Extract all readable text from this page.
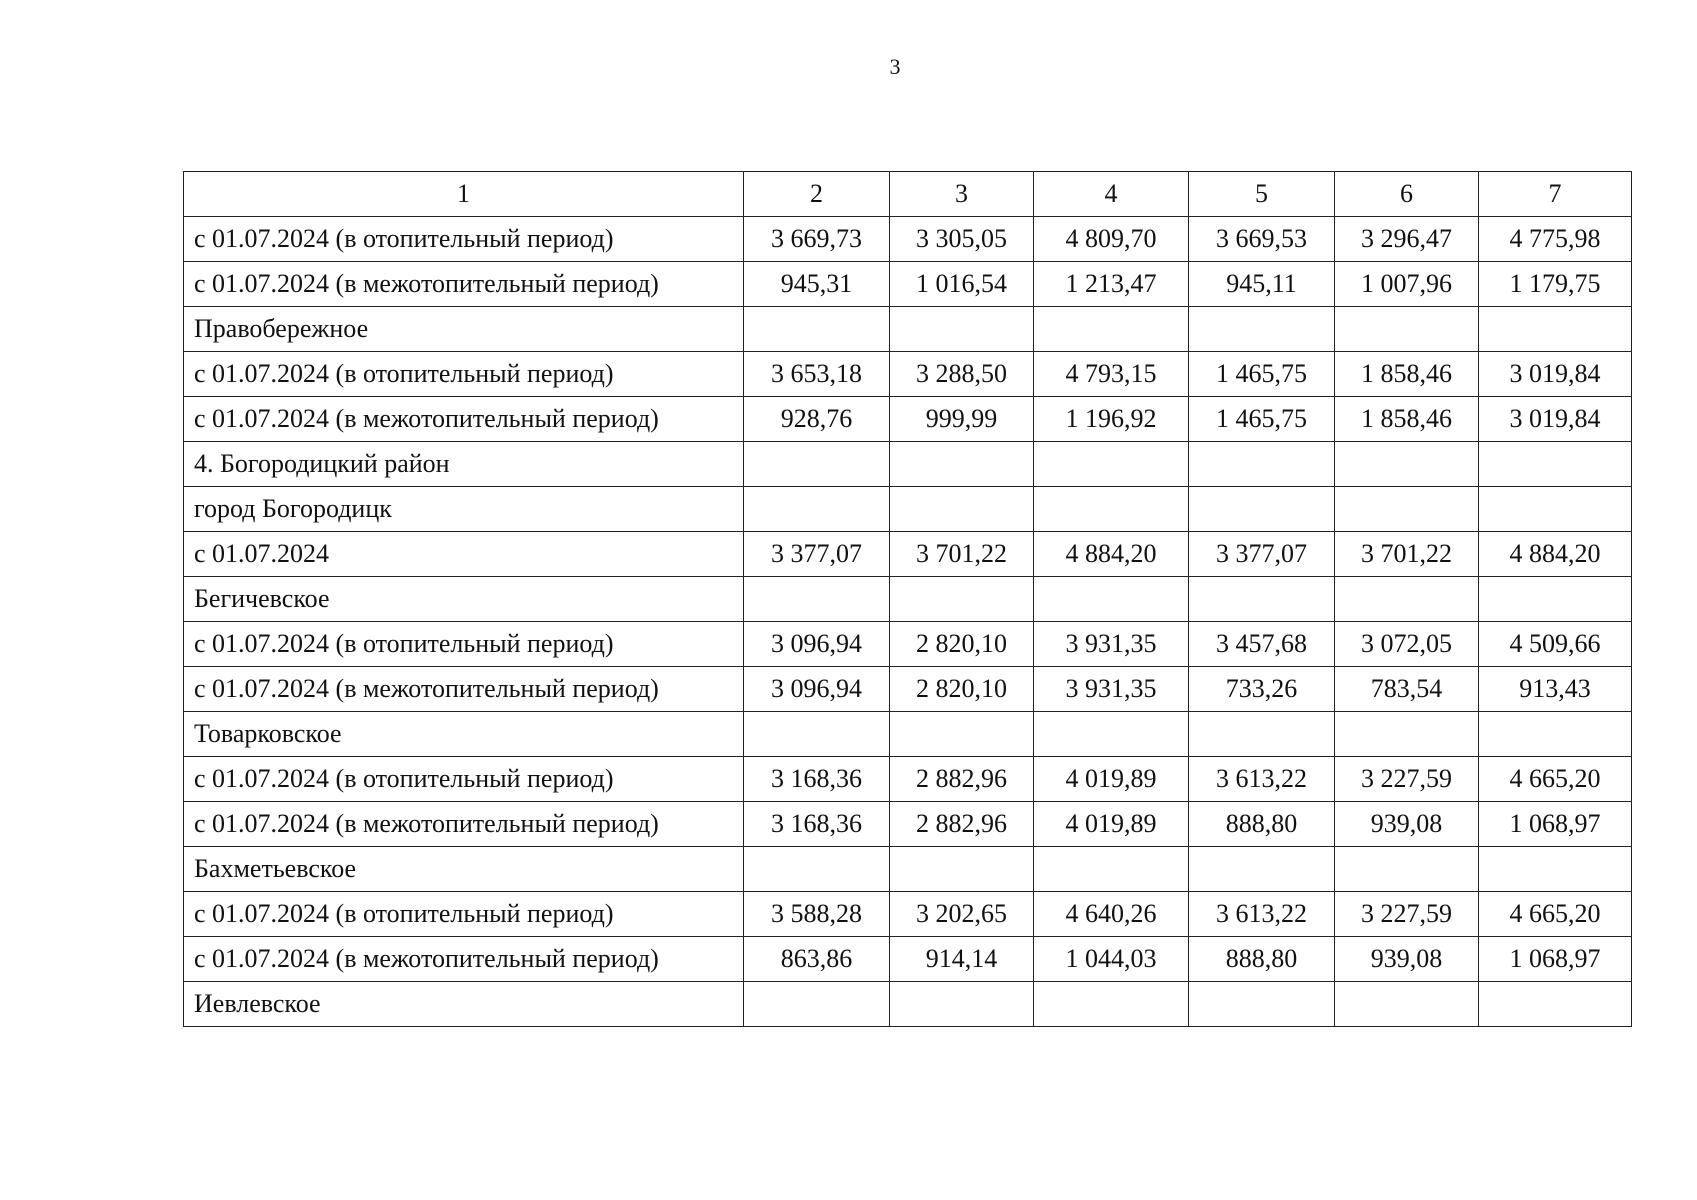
3
1	2	3	4	5	6	7
с 01.07.2024 (в отопительный период)	3 669,73	3 305,05	4 809,70	3 669,53	3 296,47	4 775,98
с 01.07.2024 (в межотопительный период)	945,31	1 016,54	1 213,47	945,11	1 007,96	1 179,75
Правобережное						
с 01.07.2024 (в отопительный период)	3 653,18	3 288,50	4 793,15	1 465,75	1 858,46	3 019,84
с 01.07.2024 (в межотопительный период)	928,76	999,99	1 196,92	1 465,75	1 858,46	3 019,84
4. Богородицкий район						
город Богородицк						
с 01.07.2024	3 377,07	3 701,22	4 884,20	3 377,07	3 701,22	4 884,20
Бегичевское						
с 01.07.2024 (в отопительный период)	3 096,94	2 820,10	3 931,35	3 457,68	3 072,05	4 509,66
с 01.07.2024 (в межотопительный период)	3 096,94	2 820,10	3 931,35	733,26	783,54	913,43
Товарковское						
с 01.07.2024 (в отопительный период)	3 168,36	2 882,96	4 019,89	3 613,22	3 227,59	4 665,20
с 01.07.2024 (в межотопительный период)	3 168,36	2 882,96	4 019,89	888,80	939,08	1 068,97
Бахметьевское						
с 01.07.2024 (в отопительный период)	3 588,28	3 202,65	4 640,26	3 613,22	3 227,59	4 665,20
с 01.07.2024 (в межотопительный период)	863,86	914,14	1 044,03	888,80	939,08	1 068,97
Иевлевское						
